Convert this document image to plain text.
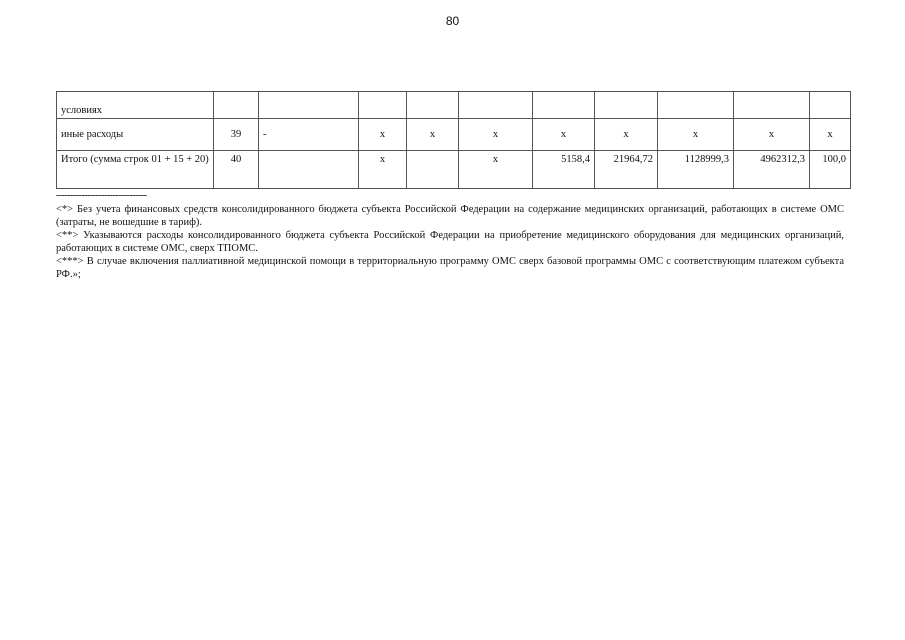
80
условиях										
иные расходы	39	-	x	x	x	x	x	x	x	x
Итого (сумма строк 01 + 15 + 20)	40		x		x	5158,4	21964,72	1128999,3	4962312,3	100,0
--------------------------------

<*> Без учета финансовых средств консолидированного бюджета субъекта Российской Федерации на содержание медицинских организаций, работающих в системе ОМС (затраты, не вошедшие в тариф).

<**> Указываются расходы консолидированного бюджета субъекта Российской Федерации на приобретение медицинского оборудования для медицинских организаций, работающих в системе ОМС, сверх ТПОМС.

<***> В случае включения паллиативной медицинской помощи в территориальную программу ОМС сверх базовой программы ОМС с соответствующим платежом субъекта РФ.»;
